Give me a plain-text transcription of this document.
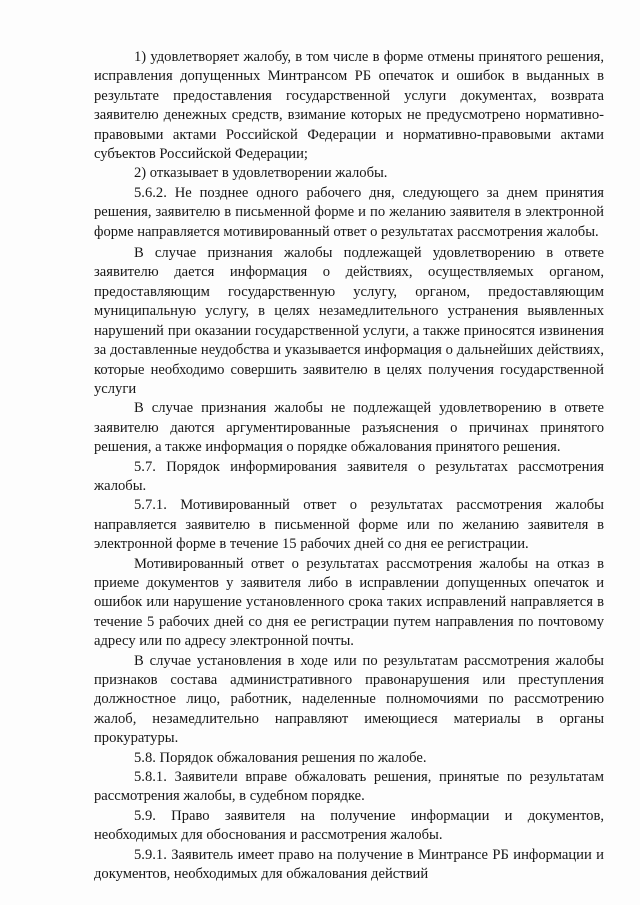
1) удовлетворяет жалобу, в том числе в форме отмены принятого решения, исправления допущенных Минтрансом РБ опечаток и ошибок в выданных в результате предоставления государственной услуги документах, возврата заявителю денежных средств, взимание которых не предусмотрено нормативно-правовыми актами Российской Федерации и нормативно-правовыми актами субъектов Российской Федерации;

2) отказывает в удовлетворении жалобы.

5.6.2. Не позднее одного рабочего дня, следующего за днем принятия решения, заявителю в письменной форме и по желанию заявителя в электронной форме направляется мотивированный ответ о результатах рассмотрения жалобы.

В случае признания жалобы подлежащей удовлетворению в ответе заявителю дается информация о действиях, осуществляемых органом, предоставляющим государственную услугу, органом, предоставляющим муниципальную услугу, в целях незамедлительного устранения выявленных нарушений при оказании государственной услуги, а также приносятся извинения за доставленные неудобства и указывается информация о дальнейших действиях, которые необходимо совершить заявителю в целях получения государственной услуги

В случае признания жалобы не подлежащей удовлетворению в ответе заявителю даются аргументированные разъяснения о причинах принятого решения, а также информация о порядке обжалования принятого решения.

5.7. Порядок информирования заявителя о результатах рассмотрения жалобы.

5.7.1. Мотивированный ответ о результатах рассмотрения жалобы направляется заявителю в письменной форме или по желанию заявителя в электронной форме в течение 15 рабочих дней со дня ее регистрации.

Мотивированный ответ о результатах рассмотрения жалобы на отказ в приеме документов у заявителя либо в исправлении допущенных опечаток и ошибок или нарушение установленного срока таких исправлений направляется в течение 5 рабочих дней со дня ее регистрации путем направления по почтовому адресу или по адресу электронной почты.

В случае установления в ходе или по результатам рассмотрения жалобы признаков состава административного правонарушения или преступления должностное лицо, работник, наделенные полномочиями по рассмотрению жалоб, незамедлительно направляют имеющиеся материалы в органы прокуратуры.

5.8. Порядок обжалования решения по жалобе.

5.8.1. Заявители вправе обжаловать решения, принятые по результатам рассмотрения жалобы, в судебном порядке.

5.9. Право заявителя на получение информации и документов, необходимых для обоснования и рассмотрения жалобы.

5.9.1. Заявитель имеет право на получение в Минтрансе РБ информации и документов, необходимых для обжалования действий
